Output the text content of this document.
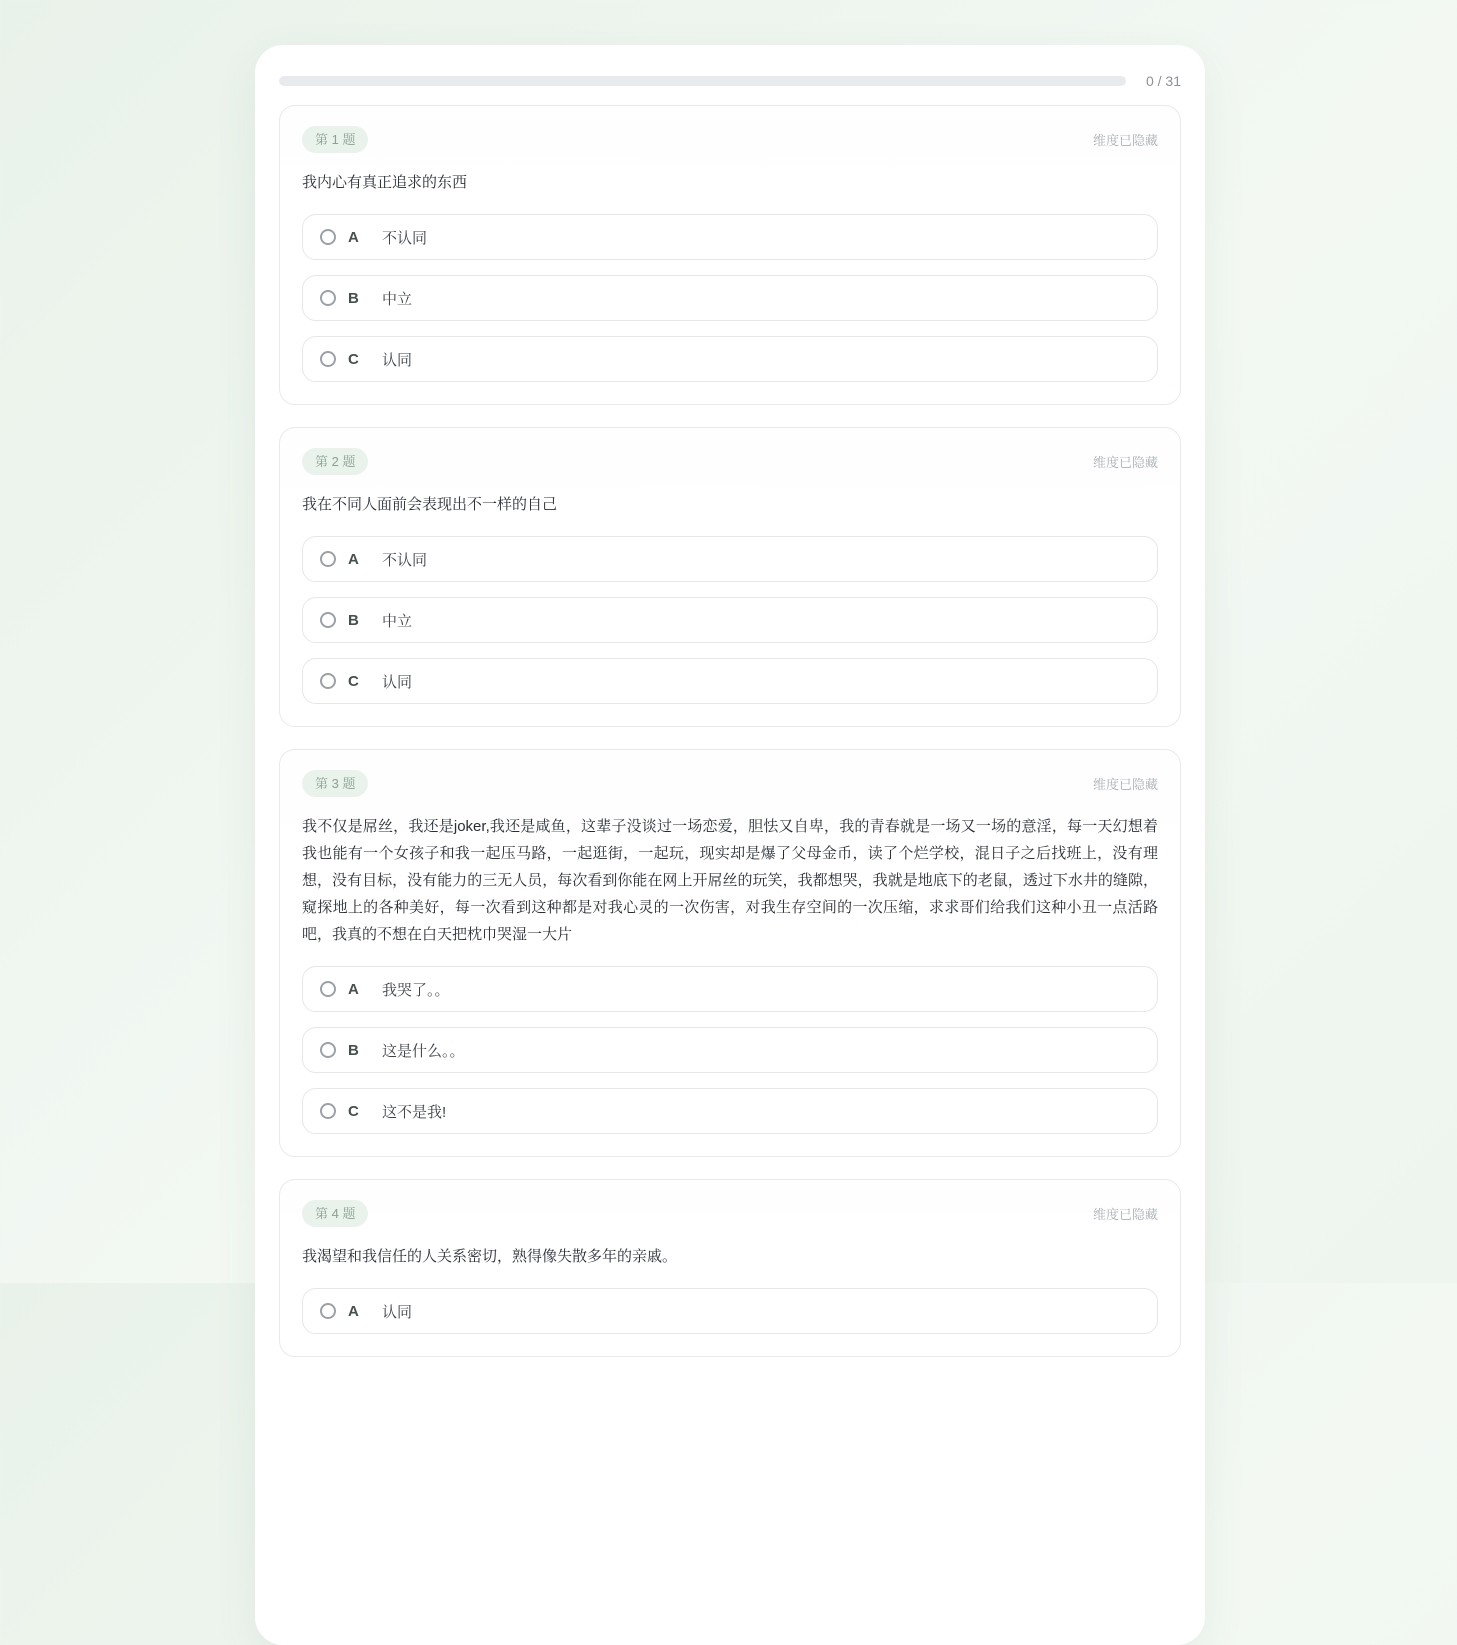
0 / 31
第 1 题	维度已隐藏

我内心有真正追求的东西

A	不认同
B	中立
C	认同
第 2 题	维度已隐藏

我在不同人面前会表现出不一样的自己

A	不认同
B	中立
C	认同
第 3 题	维度已隐藏

我不仅是屌丝，我还是joker,我还是咸鱼，这辈子没谈过一场恋爱，胆怯又自卑，我的青春就是一场又一场的意淫，每一天幻想着我也能有一个女孩子和我一起压马路，一起逛街，一起玩，现实却是爆了父母金币，读了个烂学校，混日子之后找班上，没有理想，没有目标，没有能力的三无人员，每次看到你能在网上开屌丝的玩笑，我都想哭，我就是地底下的老鼠，透过下水井的缝隙，窥探地上的各种美好，每一次看到这种都是对我心灵的一次伤害，对我生存空间的一次压缩，求求哥们给我们这种小丑一点活路吧，我真的不想在白天把枕巾哭湿一大片

A	我哭了。。
B	这是什么。。
C	这不是我!
第 4 题	维度已隐藏

我渴望和我信任的人关系密切，熟得像失散多年的亲戚。

A	认同
